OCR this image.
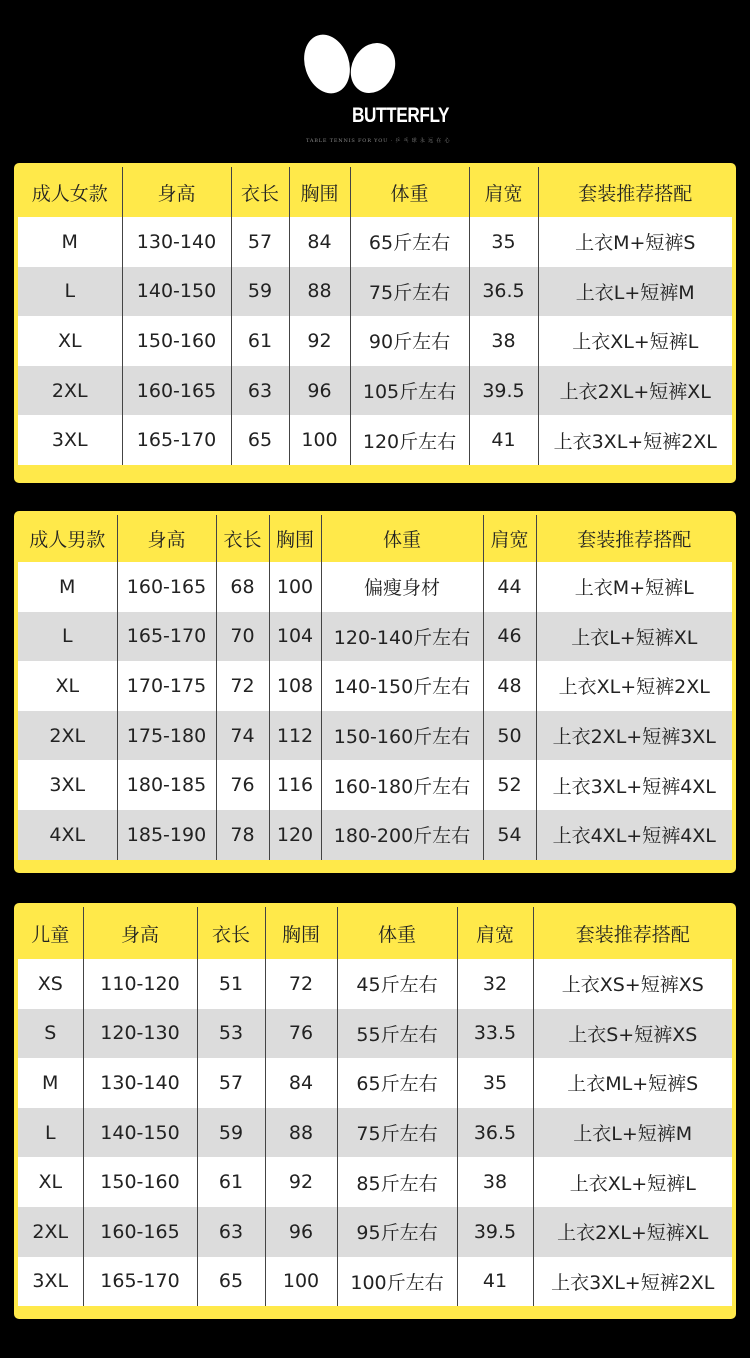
BUTTERFLY
TABLE TENNIS FOR YOU · 乒 乓 球 永 远 在 心
成人女款	身高	衣长	胸围	体重	肩宽	套装推荐搭配
M	130-140	57	84	65斤左右	35	上衣M+短裤S
L	140-150	59	88	75斤左右	36.5	上衣L+短裤M
XL	150-160	61	92	90斤左右	38	上衣XL+短裤L
2XL	160-165	63	96	105斤左右	39.5	上衣2XL+短裤XL
3XL	165-170	65	100	120斤左右	41	上衣3XL+短裤2XL
成人男款	身高	衣长	胸围	体重	肩宽	套装推荐搭配
M	160-165	68	100	偏瘦身材	44	上衣M+短裤L
L	165-170	70	104	120-140斤左右	46	上衣L+短裤XL
XL	170-175	72	108	140-150斤左右	48	上衣XL+短裤2XL
2XL	175-180	74	112	150-160斤左右	50	上衣2XL+短裤3XL
3XL	180-185	76	116	160-180斤左右	52	上衣3XL+短裤4XL
4XL	185-190	78	120	180-200斤左右	54	上衣4XL+短裤4XL
儿童	身高	衣长	胸围	体重	肩宽	套装推荐搭配
XS	110-120	51	72	45斤左右	32	上衣XS+短裤XS
S	120-130	53	76	55斤左右	33.5	上衣S+短裤XS
M	130-140	57	84	65斤左右	35	上衣ML+短裤S
L	140-150	59	88	75斤左右	36.5	上衣L+短裤M
XL	150-160	61	92	85斤左右	38	上衣XL+短裤L
2XL	160-165	63	96	95斤左右	39.5	上衣2XL+短裤XL
3XL	165-170	65	100	100斤左右	41	上衣3XL+短裤2XL
